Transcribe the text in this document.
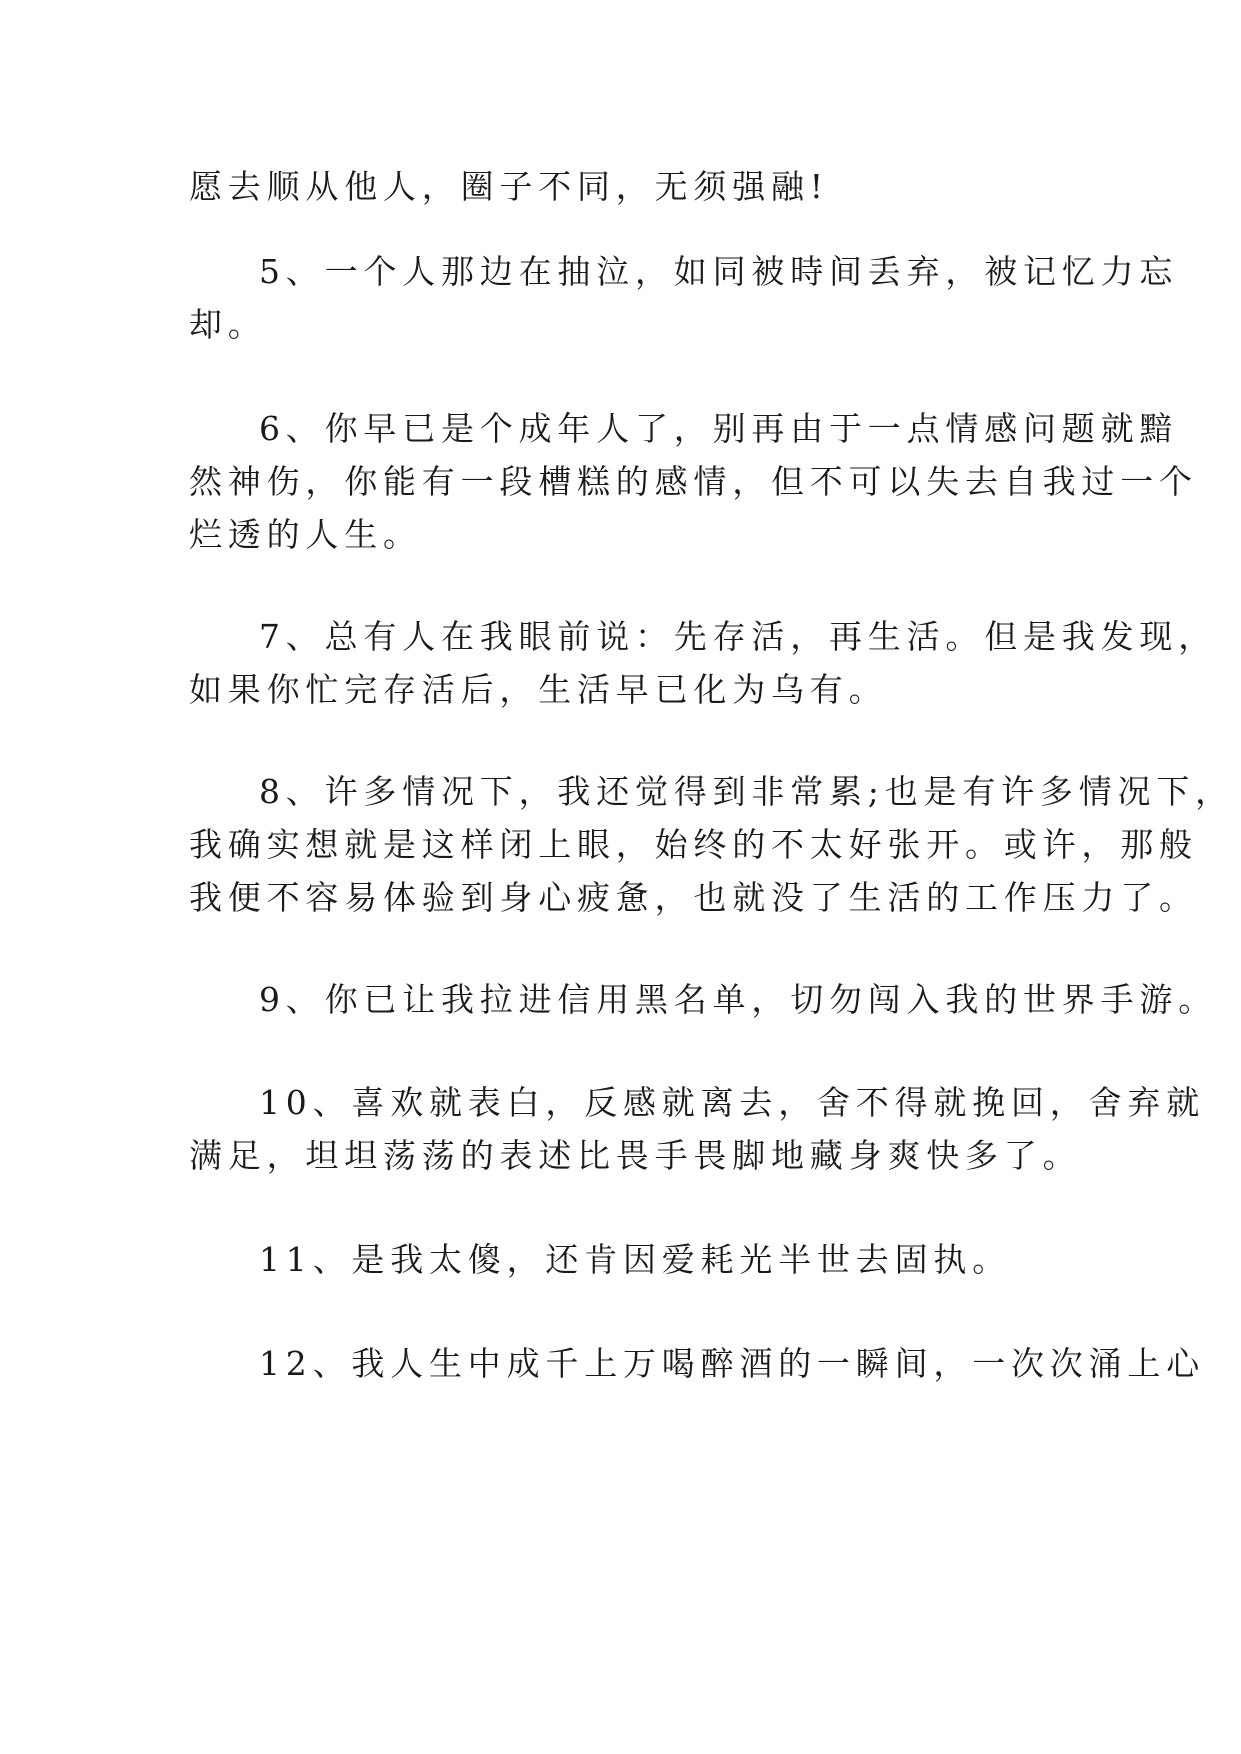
愿去顺从他人，圈子不同，无须强融!
5、一个人那边在抽泣，如同被時间丢弃，被记忆力忘
却。
6、你早已是个成年人了，别再由于一点情感问题就黯
然神伤，你能有一段槽糕的感情，但不可以失去自我过一个
烂透的人生。
7、总有人在我眼前说：先存活，再生活。但是我发现，
如果你忙完存活后，生活早已化为乌有。
8、许多情况下，我还觉得到非常累;也是有许多情况下，
我确实想就是这样闭上眼，始终的不太好张开。或许，那般
我便不容易体验到身心疲惫，也就没了生活的工作压力了。
9、你已让我拉进信用黑名单，切勿闯入我的世界手游。
10、喜欢就表白，反感就离去，舍不得就挽回，舍弃就
满足，坦坦荡荡的表述比畏手畏脚地藏身爽快多了。
11、是我太傻，还肯因爱耗光半世去固执。
12、我人生中成千上万喝醉酒的一瞬间，一次次涌上心
